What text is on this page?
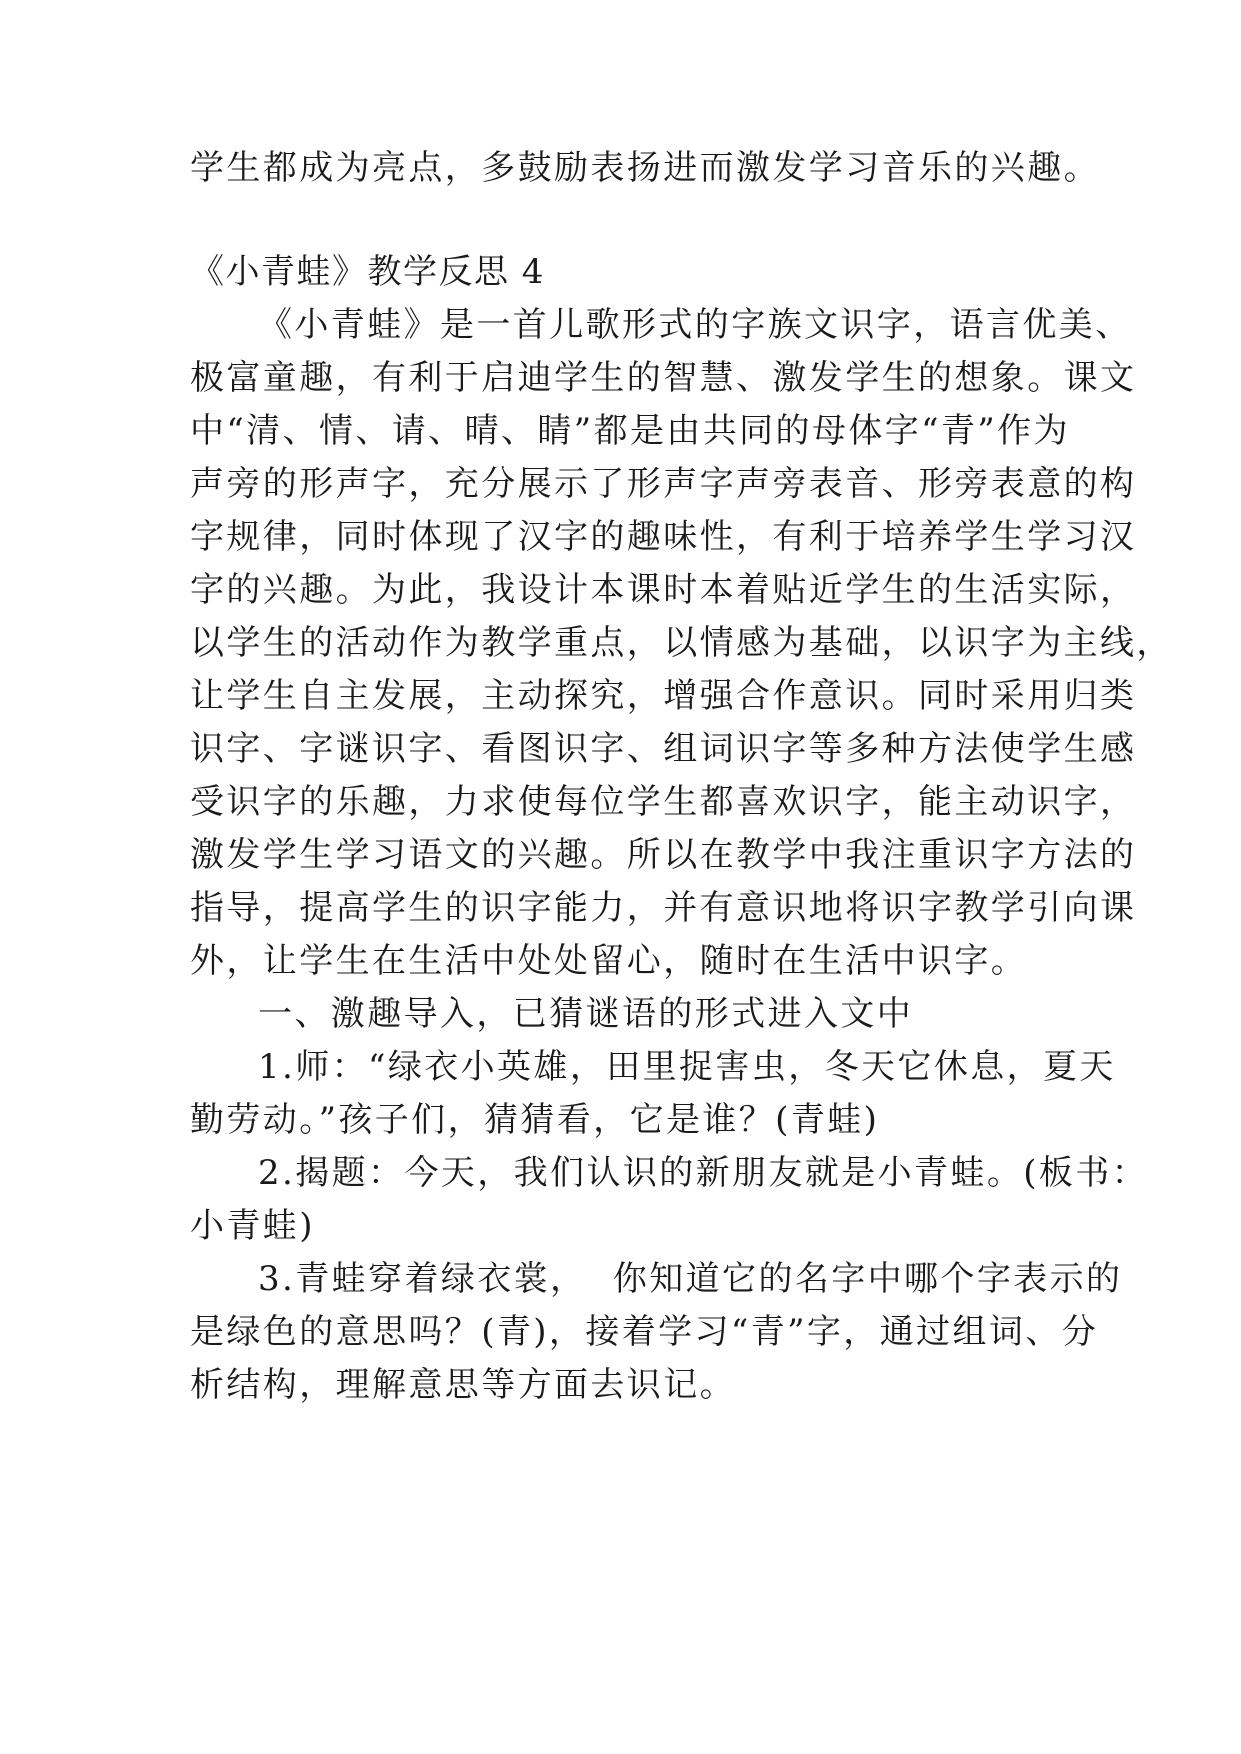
学生都成为亮点，多鼓励表扬进而激发学习音乐的兴趣。
《小青蛙》教学反思 4
《小青蛙》是一首儿歌形式的字族文识字，语言优美、
极富童趣，有利于启迪学生的智慧、激发学生的想象。课文
中“清、情、请、晴、睛”都是由共同的母体字“青”作为
声旁的形声字，充分展示了形声字声旁表音、形旁表意的构
字规律，同时体现了汉字的趣味性，有利于培养学生学习汉
字的兴趣。为此，我设计本课时本着贴近学生的生活实际，
以学生的活动作为教学重点，以情感为基础，以识字为主线，
让学生自主发展，主动探究，增强合作意识。同时采用归类
识字、字谜识字、看图识字、组词识字等多种方法使学生感
受识字的乐趣，力求使每位学生都喜欢识字，能主动识字，
激发学生学习语文的兴趣。所以在教学中我注重识字方法的
指导，提高学生的识字能力，并有意识地将识字教学引向课
外，让学生在生活中处处留心，随时在生活中识字。
一、激趣导入，已猜谜语的形式进入文中
1.师：“绿衣小英雄，田里捉害虫，冬天它休息，夏天
勤劳动。”孩子们，猜猜看，它是谁？(青蛙)
2.揭题：今天，我们认识的新朋友就是小青蛙。(板书：
小青蛙)
3.青蛙穿着绿衣裳，  你知道它的名字中哪个字表示的
是绿色的意思吗？(青)，接着学习“青”字，通过组词、分
析结构，理解意思等方面去识记。
